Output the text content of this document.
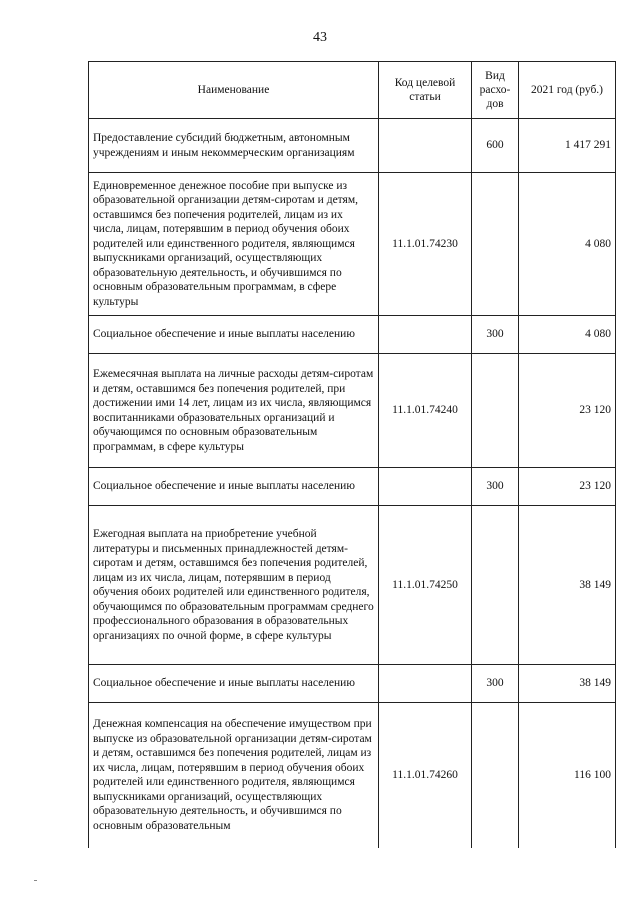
43
Наименование	Код целевой статьи	Вид расхо-дов	2021 год (руб.)
Предоставление субсидий бюджетным, автономным учреждениям и иным некоммерческим организациям		600	1 417 291
Единовременное денежное пособие при выпуске из образовательной организации детям-сиротам и детям, оставшимся без попечения родителей, лицам из их числа, лицам, потерявшим в период обучения обоих родителей или единственного родителя, являющимся выпускниками организаций, осуществляющих образовательную деятельность, и обучившимся по основным образовательным программам, в сфере культуры	11.1.01.74230		4 080
Социальное обеспечение и иные выплаты населению		300	4 080
Ежемесячная выплата на личные расходы детям-сиротам и детям, оставшимся без попечения родителей, при достижении ими 14 лет, лицам из их числа, являющимся воспитанниками образовательных организаций и обучающимся по основным образовательным программам, в сфере культуры	11.1.01.74240		23 120
Социальное обеспечение и иные выплаты населению		300	23 120
Ежегодная выплата на приобретение учебной литературы и письменных принадлежностей детям-сиротам и детям, оставшимся без попечения родителей, лицам из их числа, лицам, потерявшим в период обучения обоих родителей или единственного родителя, обучающимся по образовательным программам среднего профессионального образования в образовательных организациях по очной форме, в сфере культуры	11.1.01.74250		38 149
Социальное обеспечение и иные выплаты населению		300	38 149
Денежная компенсация на обеспечение имуществом при выпуске из образовательной организации детям-сиротам и детям, оставшимся без попечения родителей, лицам из их числа, лицам, потерявшим в период обучения обоих родителей или единственного родителя, являющимся выпускниками организаций, осуществляющих образовательную деятельность, и обучившимся по основным образовательным	11.1.01.74260		116 100
